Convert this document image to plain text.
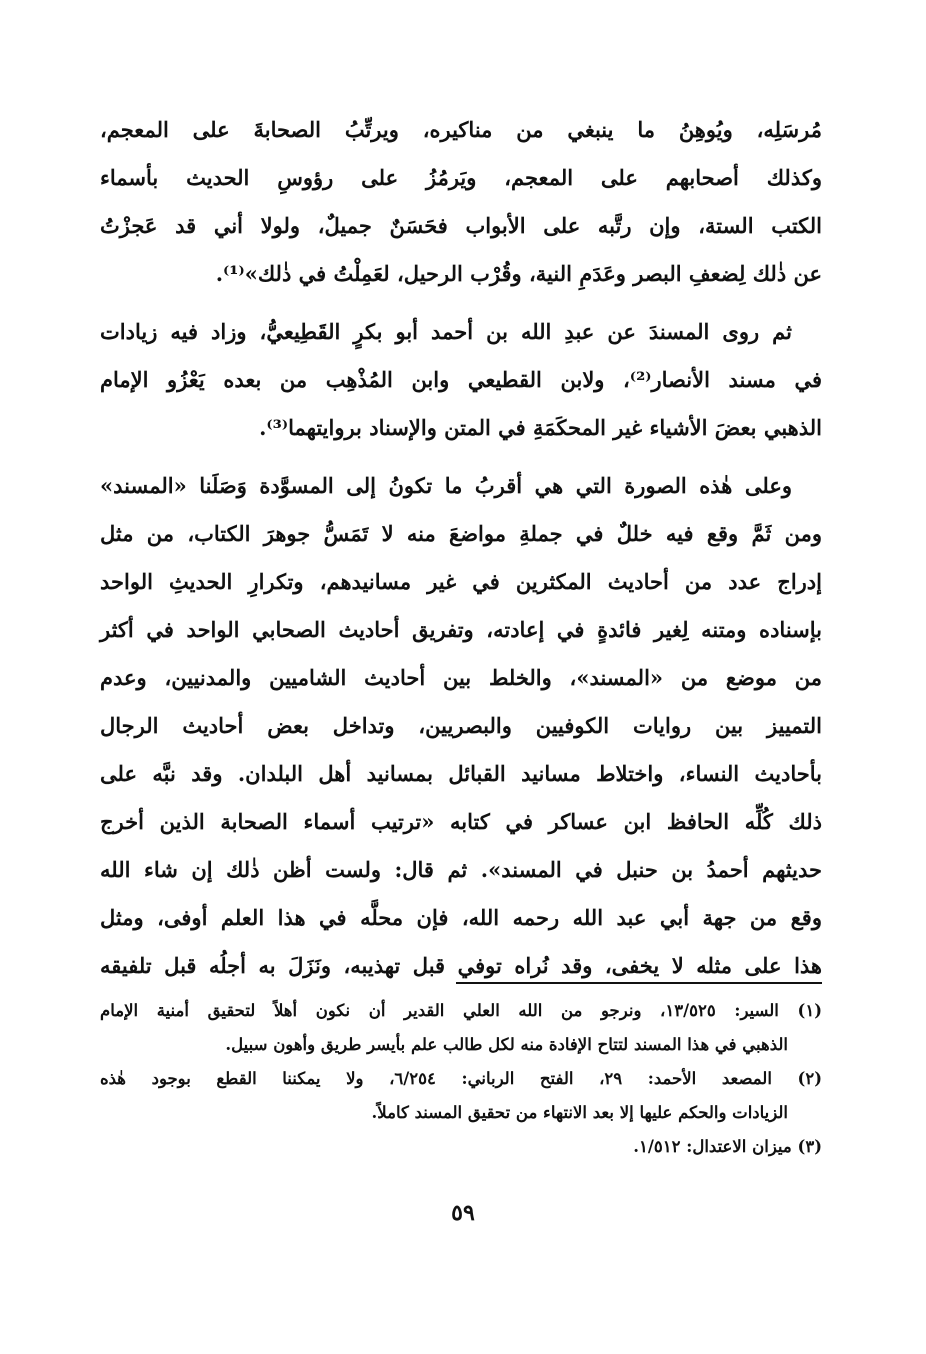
مُرسَلِه، ويُوهِنُ ما ينبغي من مناكيره، ويرتِّبُ الصحابةَ على المعجم،
وكذلك أصحابهم على المعجم، ويَرمُزُ على رؤوسِ الحديث بأسماء
الكتب الستة، وإن رتَّبه على الأبواب فحَسَنٌ جميلٌ، ولولا أني قد عَجزْتُ
عن ذٰلك لِضعفِ البصر وعَدَمِ النية، وقُرْب الرحيل، لعَمِلْتُ في ذٰلك»⁽¹⁾.
ثم روى المسندَ عن عبدِ الله بن أحمد أبو بكرٍ القَطِيعيُّ، وزاد فيه زيادات
في مسند الأنصار⁽²⁾، ولابن القطيعي وابن المُذْهِب من بعده يَعْزُو الإمام
الذهبي بعضَ الأشياء غير المحكَمَةِ في المتن والإسناد بروايتهما⁽³⁾.
وعلى هٰذه الصورة التي هي أقربُ ما تكونُ إلى المسوَّدة وَصَلَنا «المسند»
ومن ثَمَّ وقع فيه خللٌ في جملةِ مواضعَ منه لا تَمَسُّ جوهرَ الكتاب، من مثل
إدراج عدد من أحاديث المكثرين في غير مسانيدهم، وتكرارِ الحديثِ الواحد
بإسناده ومتنه لِغير فائدةٍ في إعادته، وتفريق أحاديث الصحابي الواحد في أكثر
من موضع من «المسند»، والخلط بين أحاديث الشاميين والمدنيين، وعدم
التمييز بين روايات الكوفيين والبصريين، وتداخل بعض أحاديث الرجال
بأحاديث النساء، واختلاط مسانيد القبائل بمسانيد أهل البلدان. وقد نبَّه على
ذلك كُلِّه الحافظ ابن عساكر في كتابه «ترتيب أسماء الصحابة الذين أخرج
حديثهم أحمدُ بن حنبل في المسند». ثم قال: ولست أظن ذٰلك إن شاء الله
وقع من جهة أبي عبد الله رحمه الله، فإن محلَّه في هذا العلم أوفى، ومثل
هذا على مثله لا يخفى، وقد نُراه توفي قبل تهذيبه، ونَزَلَ به أجلُه قبل تلفيقه
(١) السير: ١٣/٥٢٥، ونرجو من الله العلي القدير أن نكون أهلاً لتحقيق أمنية الإمام
الذهبي في هذا المسند لتتاح الإفادة منه لكل طالب علم بأيسر طريق وأهون سبيل.
(٢) المصعد الأحمد: ٢٩، الفتح الرباني: ٦/٢٥٤، ولا يمكننا القطع بوجود هٰذه
الزيادات والحكم عليها إلا بعد الانتهاء من تحقيق المسند كاملاً.
(٣) ميزان الاعتدال: ١/٥١٢.
٥٩
